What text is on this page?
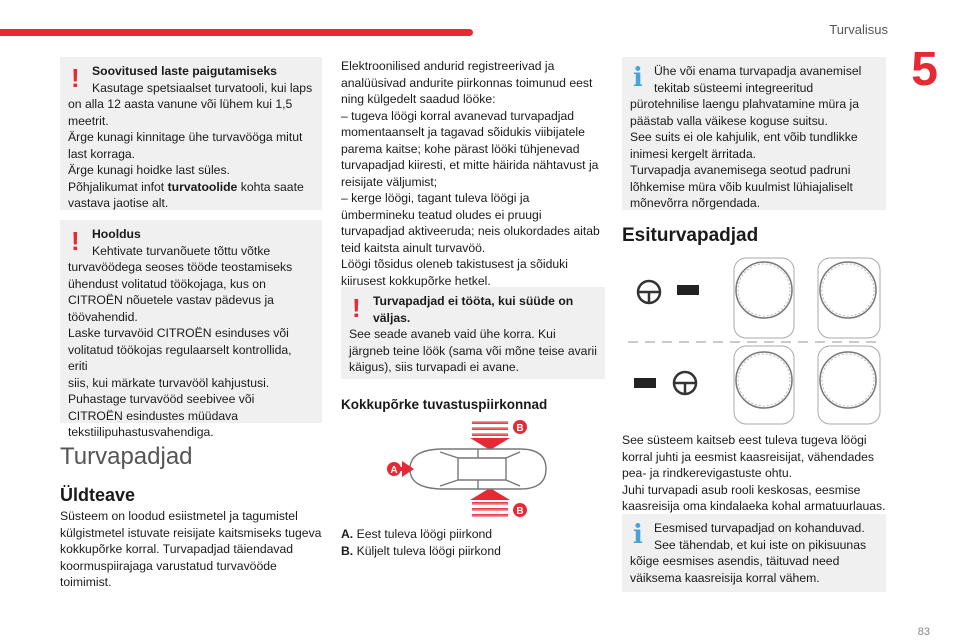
Turvalisus
5
83
!	Soovitused laste paigutamiseks
Kasutage spetsiaalset turvatooli, kui laps
on alla 12 aasta vanune või lühem kui 1,5
meetrit.
Ärge kunagi kinnitage ühe turvavööga mitut
last korraga.
Ärge kunagi hoidke last süles.
Põhjalikumat infot turvatoolide kohta saate
vastava jaotise alt.
!	Hooldus
Kehtivate turvanõuete tõttu võtke
turvavöödega seoses tööde teostamiseks
ühendust volitatud töökojaga, kus on
CITROËN nõuetele vastav pädevus ja
töövahendid.
Laske turvavöid CITROËN esinduses või
volitatud töökojas regulaarselt kontrollida, eriti
siis, kui märkate turvavööl kahjustusi.
Puhastage turvavööd seebivee või
CITROËN esindustes müüdava
tekstiilipuhastusvahendiga.
Turvapadjad
Üldteave
Süsteem on loodud esiistmetel ja tagumistel
külgistmetel istuvate reisijate kaitsmiseks tugeva
kokkupõrke korral. Turvapadjad täiendavad
koormuspiirajaga varustatud turvavööde
toimimist.
Elektroonilised andurid registreerivad ja
analüüsivad andurite piirkonnas toimunud eest
ning külgedelt saadud lööke:
– tugeva löögi korral avanevad turvapadjad
momentaanselt ja tagavad sõidukis viibijatele
parema kaitse; kohe pärast lööki tühjenevad
turvapadjad kiiresti, et mitte häirida nähtavust ja
reisijate väljumist;
– kerge löögi, tagant tuleva löögi ja
ümbermineku teatud oludes ei pruugi
turvapadjad aktiveeruda; neis olukordades aitab
teid kaitsta ainult turvavöö.
Löögi tõsidus oleneb takistusest ja sõiduki
kiirusest kokkupõrke hetkel.
!	Turvapadjad ei tööta, kui süüde on
väljas.
See seade avaneb vaid ühe korra. Kui
järgneb teine löök (sama või mõne teise avarii
käigus), siis turvapadi ei avane.
Kokkupõrke tuvastuspiirkonnad
A
B
B
A. Eest tuleva löögi piirkond
B. Küljelt tuleva löögi piirkond
i Ühe või enama turvapadja avanemisel
tekitab süsteemi integreeritud
pürotehnilise laengu plahvatamine müra ja
päästab valla väikese koguse suitsu.
See suits ei ole kahjulik, ent võib tundlikke
inimesi kergelt ärritada.
Turvapadja avanemisega seotud padruni
lõhkemise müra võib kuulmist lühiajaliselt
mõnevõrra nõrgendada.
Esiturvapadjad
See süsteem kaitseb eest tuleva tugeva löögi
korral juhti ja eesmist kaasreisijat, vähendades
pea- ja rindkerevigastuste ohtu.
Juhi turvapadi asub rooli keskosas, eesmise
kaasreisija oma kindalaeka kohal armatuurlauas.
i Eesmised turvapadjad on kohanduvad.
See tähendab, et kui iste on pikisuunas
kõige eesmises asendis, täituvad need
väiksema kaasreisija korral vähem.
